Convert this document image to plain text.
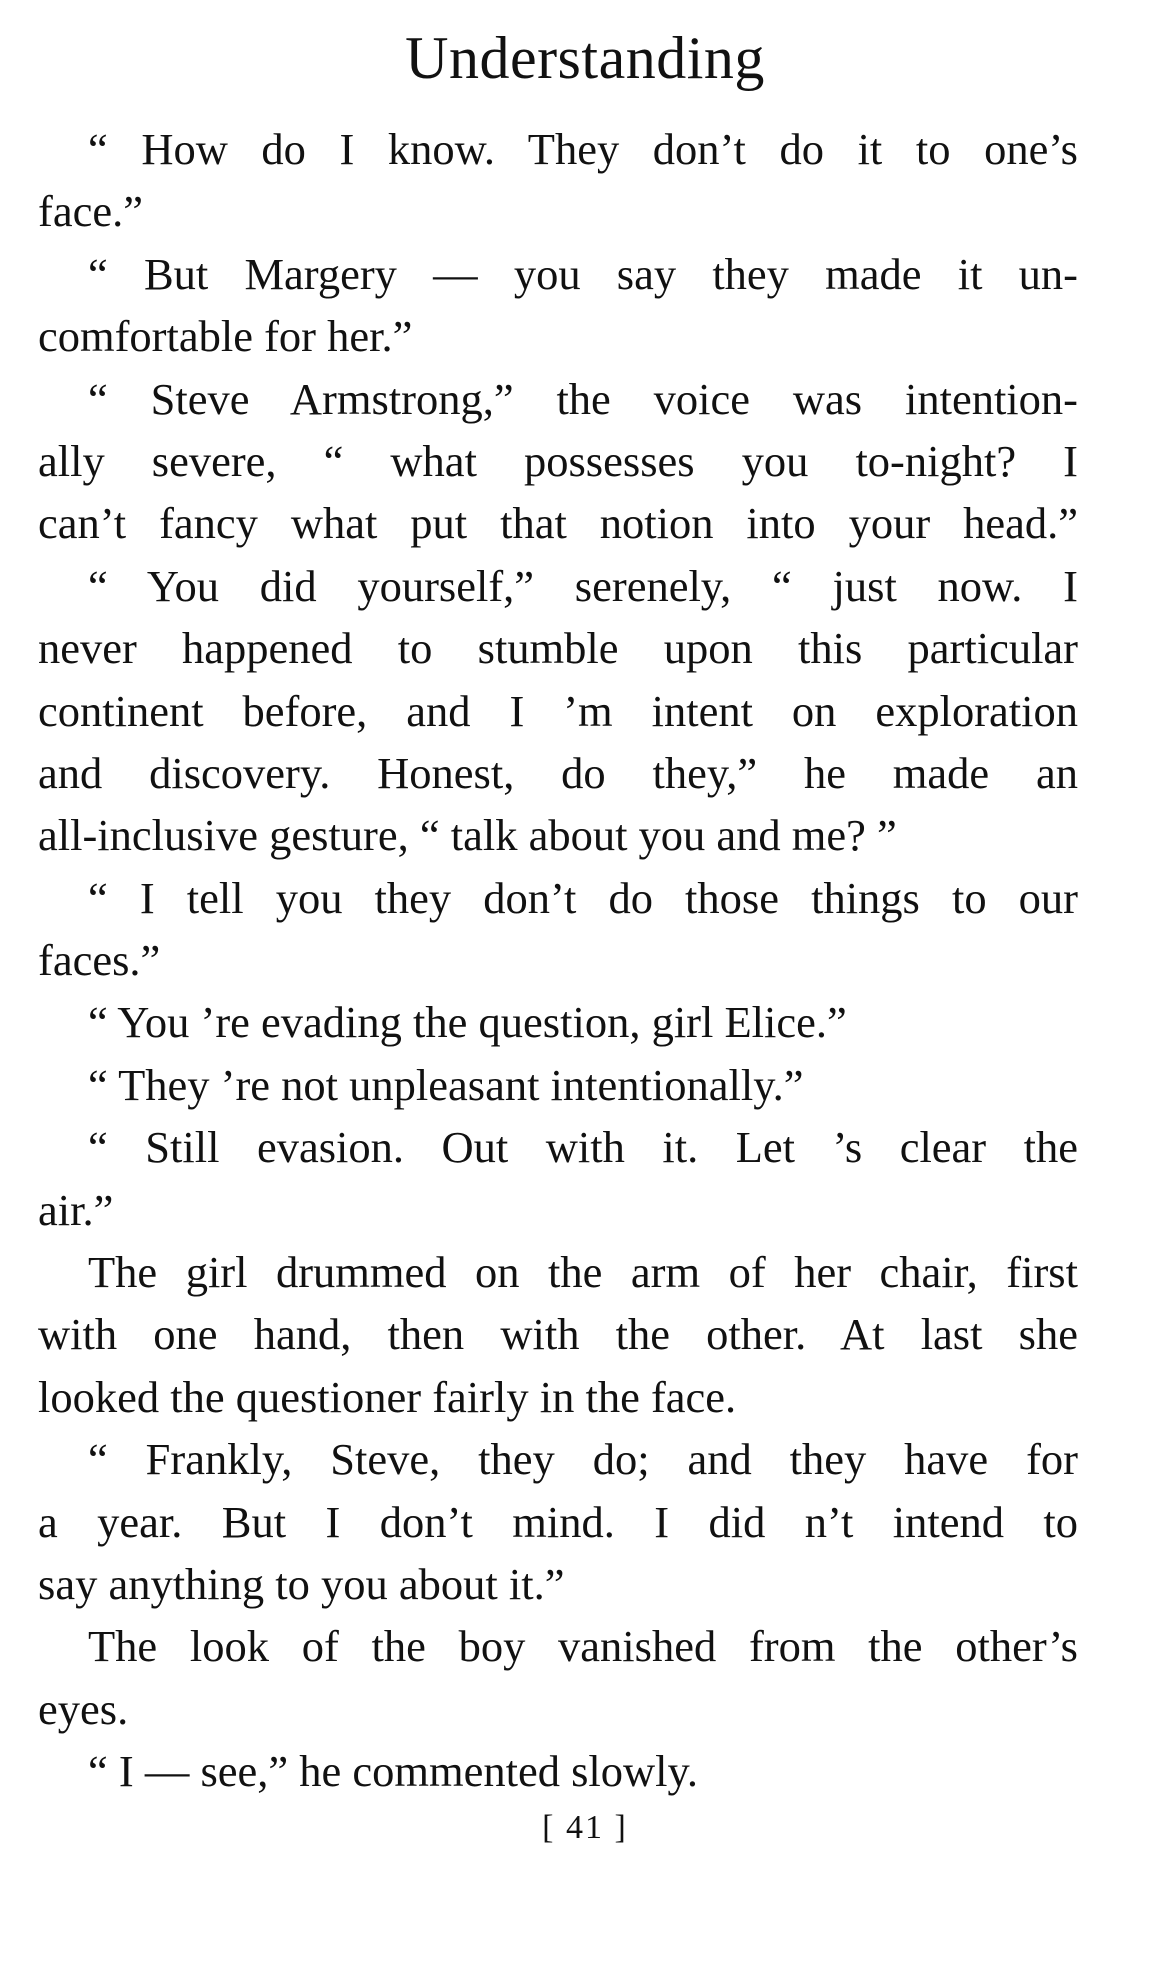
Understanding
“ How do I know. They don’t do it to one’s
face.”
“ But Margery — you say they made it un-
comfortable for her.”
“ Steve Armstrong,” the voice was intention-
ally severe, “ what possesses you to-night? I
can’t fancy what put that notion into your head.”
“ You did yourself,” serenely, “ just now. I
never happened to stumble upon this particular
continent before, and I ’m intent on exploration
and discovery. Honest, do they,” he made an
all-inclusive gesture, “ talk about you and me? ”
“ I tell you they don’t do those things to our
faces.”
“ You ’re evading the question, girl Elice.”
“ They ’re not unpleasant intentionally.”
“ Still evasion. Out with it. Let ’s clear the
air.”
The girl drummed on the arm of her chair, first
with one hand, then with the other. At last she
looked the questioner fairly in the face.
“ Frankly, Steve, they do; and they have for
a year. But I don’t mind. I did n’t intend to
say anything to you about it.”
The look of the boy vanished from the other’s
eyes.
“ I — see,” he commented slowly.
[ 41 ]
